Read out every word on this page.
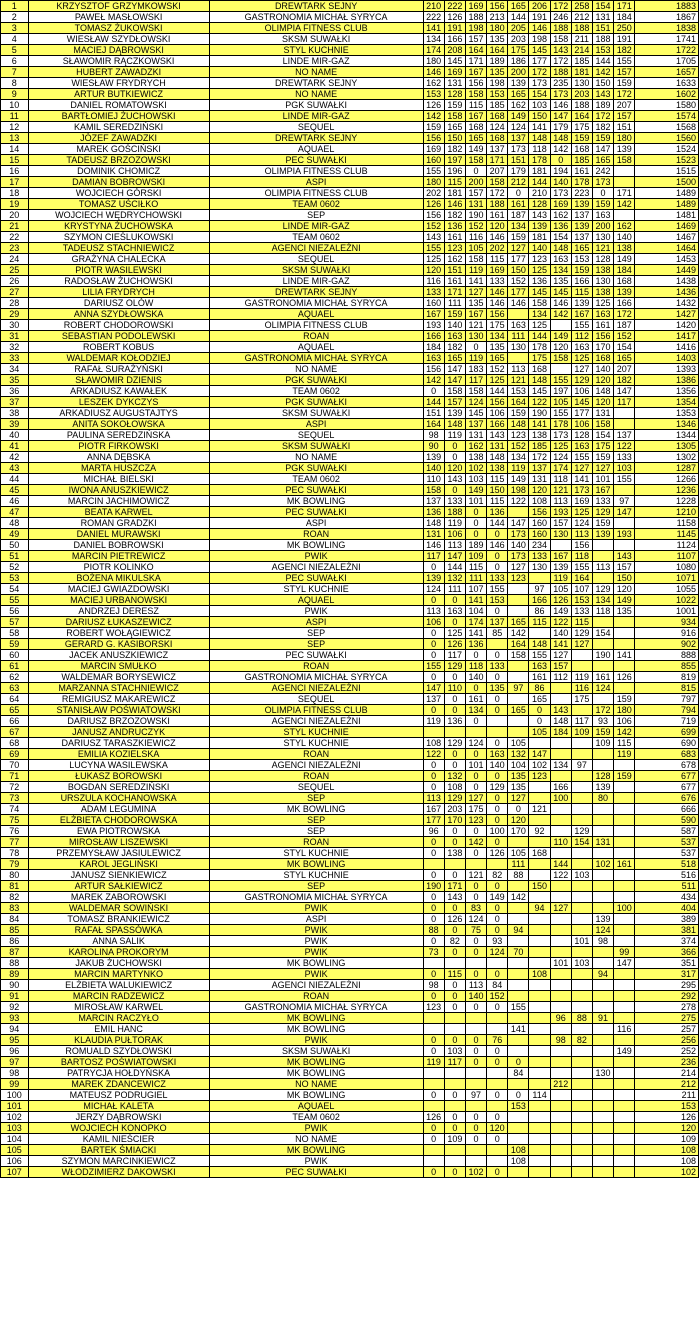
1	KRZYSZTOF GRZYMKOWSKI	DREWTARK SEJNY	210	222	169	156	165	206	172	258	154	171	1883
2	PAWEŁ MASŁOWSKI	GASTRONOMIA MICHAŁ SYRYCA	222	126	188	213	144	191	246	212	131	184	1867
3	TOMASZ ŻUKOWSKI	OLIMPIA FITNESS CLUB	141	191	198	180	205	146	188	188	151	250	1838
4	WIESŁAW SZYDŁOWSKI	SKSM SUWAŁKI	134	166	157	135	203	198	158	211	188	191	1741
5	MACIEJ DĄBROWSKI	STYL KUCHNIE	174	208	164	164	175	145	143	214	153	182	1722
6	SŁAWOMIR RĄCZKOWSKI	LINDE MIR-GAZ	180	145	171	189	186	177	172	185	144	155	1705
7	HUBERT ZAWADZKI	NO NAME	146	169	167	135	200	172	188	181	142	157	1657
8	WIESŁAW FRYDRYCH	DREWTARK SEJNY	162	131	156	198	139	173	235	130	150	159	1633
9	ARTUR BUTKIEWICZ	NO NAME	153	128	158	153	165	154	173	203	143	172	1602
10	DANIEL ROMATOWSKI	PGK SUWAŁKI	126	159	115	185	162	103	146	188	189	207	1580
11	BARTŁOMIEJ ŻUCHOWSKI	LINDE MIR-GAZ	142	158	167	168	149	150	147	164	172	157	1574
12	KAMIL SEREDZIŃSKI	SEQUEL	159	165	168	124	124	141	179	175	182	151	1568
13	JÓZEF ZAWADZKI	DREWTARK SEJNY	156	150	165	168	137	148	148	159	159	180	1560
14	MAREK GOŚCIŃSKI	AQUAEL	169	182	149	137	173	118	142	168	147	139	1524
15	TADEUSZ BRZOZOWSKI	PEC SUWAŁKI	160	197	158	171	151	178	0	185	165	158	1523
16	DOMINIK CHOMICZ	OLIMPIA FITNESS CLUB	155	196	0	207	179	181	194	161	242		1515
17	DAMIAN BOBROWSKI	ASPI	180	115	200	158	212	144	140	178	173		1500
18	WOJCIECH GÓRSKI	OLIMPIA FITNESS CLUB	202	181	157	172	0	210	173	223	0	171	1489
19	TOMASZ UŚCIŁKO	TEAM 0602	126	146	131	188	161	128	169	139	159	142	1489
20	WOJCIECH WĘDRYCHOWSKI	SEP	156	182	190	161	187	143	162	137	163		1481
21	KRYSTYNA ŻUCHOWSKA	LINDE MIR-GAZ	152	136	152	120	134	139	136	139	200	162	1469
22	SZYMON CIEŚLUKOWSKI	TEAM 0602	143	161	116	146	159	181	154	137	130	140	1467
23	TADEUSZ STACHNIEWICZ	AGENCI NIEZALEŻNI	155	123	105	202	127	140	148	165	121	138	1464
24	GRAŻYNA CHALECKA	SEQUEL	125	162	158	115	177	123	163	153	128	149	1453
25	PIOTR WASILEWSKI	SKSM SUWAŁKI	120	151	119	169	150	125	134	159	138	184	1449
26	RADOSŁAW ŻUCHOWSKI	LINDE MIR-GAZ	116	161	141	133	152	136	135	166	130	168	1438
27	LILIA FRYDRYCH	DREWTARK SEJNY	133	171	127	146	177	145	145	115	138	139	1436
28	DARIUSZ OLÓW	GASTRONOMIA MICHAŁ SYRYCA	160	111	135	146	146	158	146	139	125	166	1432
29	ANNA SZYDŁOWSKA	AQUAEL	167	159	167	156		134	142	167	163	172	1427
30	ROBERT CHODOROWSKI	OLIMPIA FITNESS CLUB	193	140	121	175	163	125		155	161	187	1420
31	SEBASTIAN PODOLEWSKI	ROAN	166	163	130	134	111	144	149	112	156	152	1417
32	ROBERT KOBUS	AQUAEL	184	182	0	135	130	178	120	163	170	154	1416
33	WALDEMAR KOŁODZIEJ	GASTRONOMIA MICHAŁ SYRYCA	163	165	119	165		175	158	125	168	165	1403
34	RAFAŁ SURAŻYŃSKI	NO NAME	156	147	183	152	113	168		127	140	207	1393
35	SŁAWOMIR DZIENIS	PGK SUWAŁKI	142	147	117	125	121	148	155	129	120	182	1386
36	ARKADIUSZ KAWAŁEK	TEAM 0602	0	158	158	144	153	145	197	106	148	147	1356
37	LESZEK DYKCZYS	PGK SUWAŁKI	144	157	124	156	164	122	105	145	120	117	1354
38	ARKADIUSZ AUGUSTAJTYS	SKSM SUWAŁKI	151	139	145	106	159	190	155	177	131		1353
39	ANITA SOKOŁOWSKA	ASPI	164	148	137	166	148	141	178	106	158		1346
40	PAULINA SEREDZIŃSKA	SEQUEL	98	119	131	143	123	138	173	128	154	137	1344
41	PIOTR FIRKOWSKI	SKSM SUWAŁKI	90	0	162	131	152	185	125	163	175	122	1305
42	ANNA DĘBSKA	NO NAME	139	0	138	148	134	172	124	155	159	133	1302
43	MARTA HUSZCZA	PGK SUWAŁKI	140	120	102	138	119	137	174	127	127	103	1287
44	MICHAŁ BIELSKI	TEAM 0602	110	143	103	115	149	131	118	141	101	155	1266
45	IWONA ANUSZKIEWICZ	PEC SUWAŁKI	158	0	149	150	198	120	121	173	167		1236
46	MARCIN JACHIMOWICZ	MK BOWLING	137	133	101	115	122	108	113	169	133	97	1228
47	BEATA KARWEL	PEC SUWAŁKI	136	188	0	136		156	193	125	129	147	1210
48	ROMAN GRADZKI	ASPI	148	119	0	144	147	160	157	124	159		1158
49	DANIEL MURAWSKI	ROAN	131	106	0	0	173	160	130	113	139	193	1145
50	DANIEL BOBROWSKI	MK BOWLING	146	113	189	146	140	234		156			1124
51	MARCIN PIETREWICZ	PWIK	117	147	109	0	173	133	167	118		143	1107
52	PIOTR KOLINKO	AGENCI NIEZALEŻNI	0	144	115	0	127	130	139	155	113	157	1080
53	BOŻENA MIKULSKA	PEC SUWAŁKI	139	132	111	133	123		119	164		150	1071
54	MACIEJ GWIAZDOWSKI	STYL KUCHNIE	124	111	107	155		97	105	107	129	120	1055
55	MACIEJ URBANOWSKI	AQUAEL	0	0	141	153		166	126	153	134	149	1022
56	ANDRZEJ DERESZ	PWIK	113	163	104	0		86	149	133	118	135	1001
57	DARIUSZ ŁUKASZEWICZ	ASPI	106	0	174	137	165	115	122	115			934
58	ROBERT WOŁĄGIEWICZ	SEP	0	125	141	85	142		140	129	154		916
59	GERARD G. KASIBORSKI	SEP	0	126	136		164	148	141	127			902
60	JACEK ANUSZKIEWICZ	PEC SUWAŁKI	0	117	0	0	158	155	127		190	141	888
61	MARCIN SMUŁKO	ROAN	155	129	118	133		163	157				855
62	WALDEMAR BORYSEWICZ	GASTRONOMIA MICHAŁ SYRYCA	0	0	140	0		161	112	119	161	126	819
63	MARZANNA STACHNIEWICZ	AGENCI NIEZALEŻNI	147	110	0	135	97	86		116	124		815
64	REMIGIUSZ MAKAREWICZ	SEQUEL	137	0	161	0		165		175		159	797
65	STANISŁAW POŚWIATOWSKI	OLIMPIA FITNESS CLUB	0	0	134	0	165	0	143		172	180	794
66	DARIUSZ BRZOZOWSKI	AGENCI NIEZALEŻNI	119	136	0			0	148	117	93	106	719
67	JANUSZ ANDRUCZYK	STYL KUCHNIE						105	184	109	159	142	699
68	DARIUSZ TARASZKIEWICZ	STYL KUCHNIE	108	129	124	0	105				109	115	690
69	EMILIA KOZIELSKA	ROAN	122	0	0	163	132	147				119	683
70	LUCYNA WASILEWSKA	AGENCI NIEZALEŻNI	0	0	101	140	104	102	134	97			678
71	ŁUKASZ BOROWSKI	ROAN	0	132	0	0	135	123			128	159	677
72	BOGDAN SEREDZIŃSKI	SEQUEL	0	108	0	129	135		166		139		677
73	URSZULA KOCHANOWSKA	SEP	113	129	127	0	127		100		80		676
74	ADAM LEGUMINA	MK BOWLING	167	203	175	0	0	121					666
75	ELŻBIETA CHODOROWSKA	SEP	177	170	123	0	120						590
76	EWA PIOTROWSKA	SEP	96	0	0	100	170	92		129			587
77	MIROSŁAW LISZEWSKI	ROAN	0	0	142	0			110	154	131		537
78	PRZEMYSŁAW JASIULEWICZ	STYL KUCHNIE	0	138	0	126	105	168					537
79	KAROL JEGLIŃSKI	MK BOWLING					111		144		102	161	518
80	JANUSZ SIENKIEWICZ	STYL KUCHNIE	0	0	121	82	88		122	103			516
81	ARTUR SAŁKIEWICZ	SEP	190	171	0	0		150					511
82	MAREK ZABOROWSKI	GASTRONOMIA MICHAŁ SYRYCA	0	143	0	149	142						434
83	WALDEMAR SOWIŃSKI	PWIK	0	0	83	0		94	127			100	404
84	TOMASZ BRANKIEWICZ	ASPI	0	126	124	0					139		389
85	RAFAŁ SPASSÓWKA	PWIK	88	0	75	0	94				124		381
86	ANNA SALIK	PWIK	0	82	0	93				101	98		374
87	KAROLINA PROKORYM	PWIK	73	0	0	124	70					99	366
88	JAKUB ŻUCHOWSKI	MK BOWLING							101	103		147	351
89	MARCIN MARTYNKO	PWIK	0	115	0	0		108			94		317
90	ELŻBIETA WALUKIEWICZ	AGENCI NIEZALEŻNI	98	0	113	84							295
91	MARCIN RADZEWICZ	ROAN	0	0	140	152							292
92	MIROSŁAW KARWEL	GASTRONOMIA MICHAŁ SYRYCA	123	0	0	0	155						278
93	MARCIN RACZYŁO	MK BOWLING							96	88	91		275
94	EMIL HANC	MK BOWLING					141					116	257
95	KLAUDIA PUŁTORAK	PWIK	0	0	0	76			98	82			256
96	ROMUALD SZYDŁOWSKI	SKSM SUWAŁKI	0	103	0	0						149	252
97	BARTOSZ POŚWIATOWSKI	MK BOWLING	119	117	0	0	0						236
98	PATRYCJA HOŁDYŃSKA	MK BOWLING					84				130		214
99	MAREK ZDANCEWICZ	NO NAME							212				212
100	MATEUSZ PODRUGIEL	MK BOWLING	0	0	97	0	0	114					211
101	MICHAŁ KALETA	AQUAEL					153						153
102	JERZY DĄBROWSKI	TEAM 0602	126	0	0	0							126
103	WOJCIECH KONOPKO	PWIK	0	0	0	120							120
104	KAMIL NIEŚCIER	NO NAME	0	109	0	0							109
105	BARTEK ŚMIACKI	MK BOWLING					108						108
106	SZYMON MARCINKIEWICZ	PWIK					108						108
107	WŁODZIMIERZ DAKOWSKI	PEC SUWAŁKI	0	0	102	0							102
